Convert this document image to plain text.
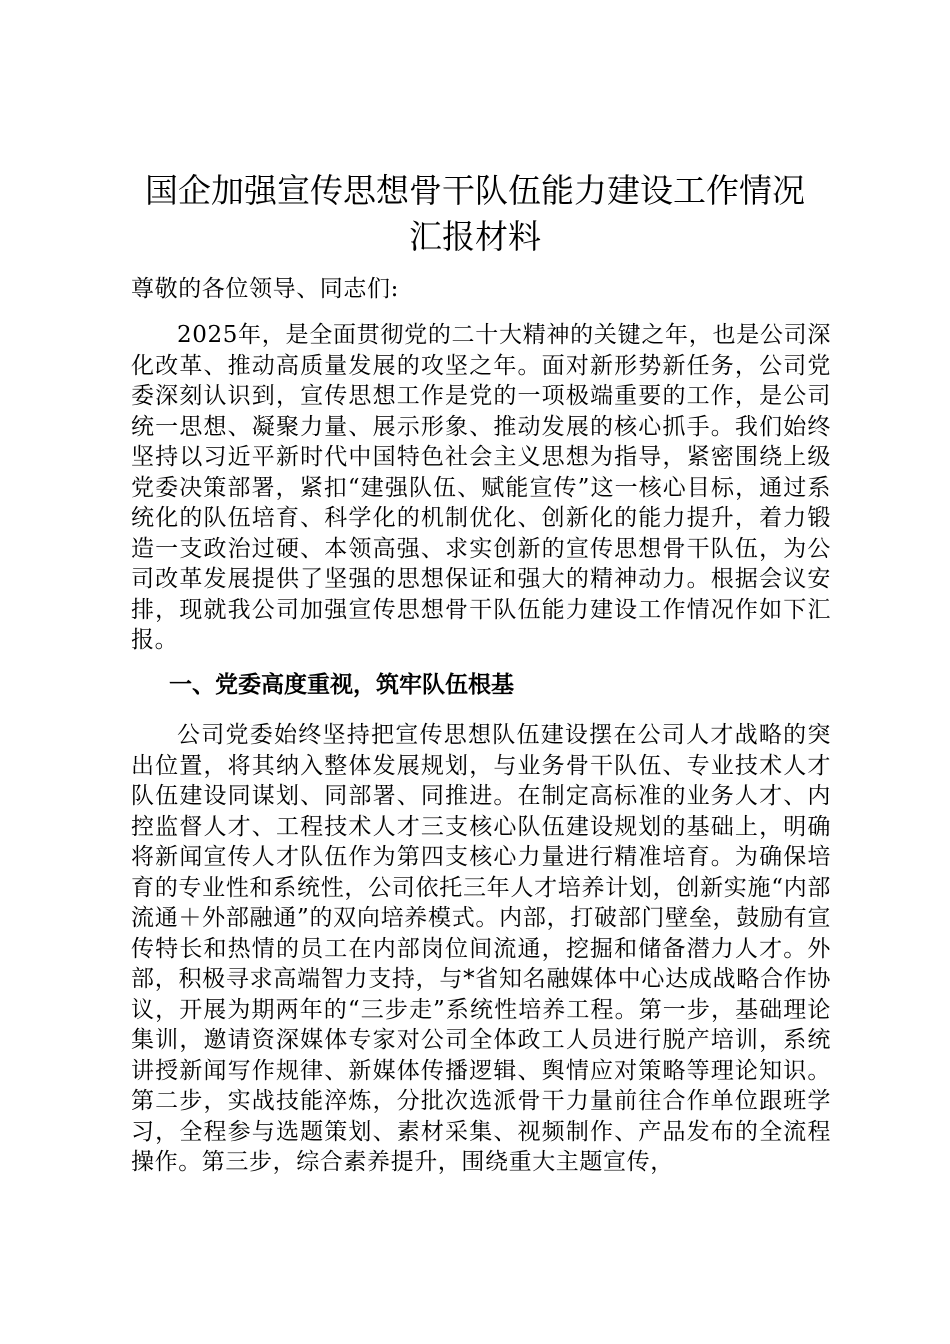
国企加强宣传思想骨干队伍能力建设工作情况
汇报材料

尊敬的各位领导、同志们:

2025年，是全面贯彻党的二十大精神的关键之年，也是公司深化改革、推动高质量发展的攻坚之年。面对新形势新任务，公司党委深刻认识到，宣传思想工作是党的一项极端重要的工作，是公司统一思想、凝聚力量、展示形象、推动发展的核心抓手。我们始终坚持以习近平新时代中国特色社会主义思想为指导，紧密围绕上级党委决策部署，紧扣“建强队伍、赋能宣传”这一核心目标，通过系统化的队伍培育、科学化的机制优化、创新化的能力提升，着力锻造一支政治过硬、本领高强、求实创新的宣传思想骨干队伍，为公司改革发展提供了坚强的思想保证和强大的精神动力。根据会议安排，现就我公司加强宣传思想骨干队伍能力建设工作情况作如下汇报。

一、党委高度重视，筑牢队伍根基

公司党委始终坚持把宣传思想队伍建设摆在公司人才战略的突出位置，将其纳入整体发展规划，与业务骨干队伍、专业技术人才队伍建设同谋划、同部署、同推进。在制定高标准的业务人才、内控监督人才、工程技术人才三支核心队伍建设规划的基础上，明确将新闻宣传人才队伍作为第四支核心力量进行精准培育。为确保培育的专业性和系统性，公司依托三年人才培养计划，创新实施“内部流通＋外部融通”的双向培养模式。内部，打破部门壁垒，鼓励有宣传特长和热情的员工在内部岗位间流通，挖掘和储备潜力人才。外部，积极寻求高端智力支持，与*省知名融媒体中心达成战略合作协议，开展为期两年的“三步走”系统性培养工程。第一步，基础理论集训，邀请资深媒体专家对公司全体政工人员进行脱产培训，系统讲授新闻写作规律、新媒体传播逻辑、舆情应对策略等理论知识。第二步，实战技能淬炼，分批次选派骨干力量前往合作单位跟班学习，全程参与选题策划、素材采集、视频制作、产品发布的全流程操作。第三步，综合素养提升，围绕重大主题宣传，
